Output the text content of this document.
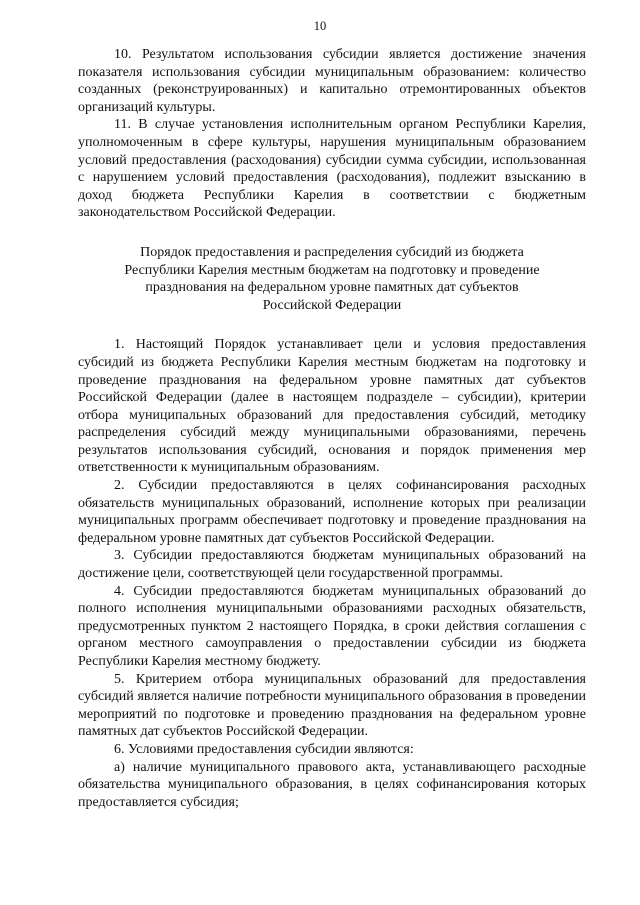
10

10. Результатом использования субсидии является достижение значения показателя использования субсидии муниципальным образованием: количество созданных (реконструированных) и капитально отремонтированных объектов организаций культуры.

11. В случае установления исполнительным органом Республики Карелия, уполномоченным в сфере культуры, нарушения муниципальным образованием условий предоставления (расходования) субсидии сумма субсидии, использованная с нарушением условий предоставления (расходования), подлежит взысканию в доход бюджета Республики Карелия в соответствии с бюджетным законодательством Российской Федерации.

Порядок предоставления и распределения субсидий из бюджета
Республики Карелия местным бюджетам на подготовку и проведение
празднования на федеральном уровне памятных дат субъектов
Российской Федерации

1. Настоящий Порядок устанавливает цели и условия предоставления субсидий из бюджета Республики Карелия местным бюджетам на подготовку и проведение празднования на федеральном уровне памятных дат субъектов Российской Федерации (далее в настоящем подразделе – субсидии), критерии отбора муниципальных образований для предоставления субсидий, методику распределения субсидий между муниципальными образованиями, перечень результатов использования субсидий, основания и порядок применения мер ответственности к муниципальным образованиям.

2. Субсидии предоставляются в целях софинансирования расходных обязательств муниципальных образований, исполнение которых при реализации муниципальных программ обеспечивает подготовку и проведение празднования на федеральном уровне памятных дат субъектов Российской Федерации.

3. Субсидии предоставляются бюджетам муниципальных образований на достижение цели, соответствующей цели государственной программы.

4. Субсидии предоставляются бюджетам муниципальных образований до полного исполнения муниципальными образованиями расходных обязательств, предусмотренных пунктом 2 настоящего Порядка, в сроки действия соглашения с органом местного самоуправления о предоставлении субсидии из бюджета Республики Карелия местному бюджету.

5. Критерием отбора муниципальных образований для предоставления субсидий является наличие потребности муниципального образования в проведении мероприятий по подготовке и проведению празднования на федеральном уровне памятных дат субъектов Российской Федерации.

6. Условиями предоставления субсидии являются:

а) наличие муниципального правового акта, устанавливающего расходные обязательства муниципального образования, в целях софинансирования которых предоставляется субсидия;
